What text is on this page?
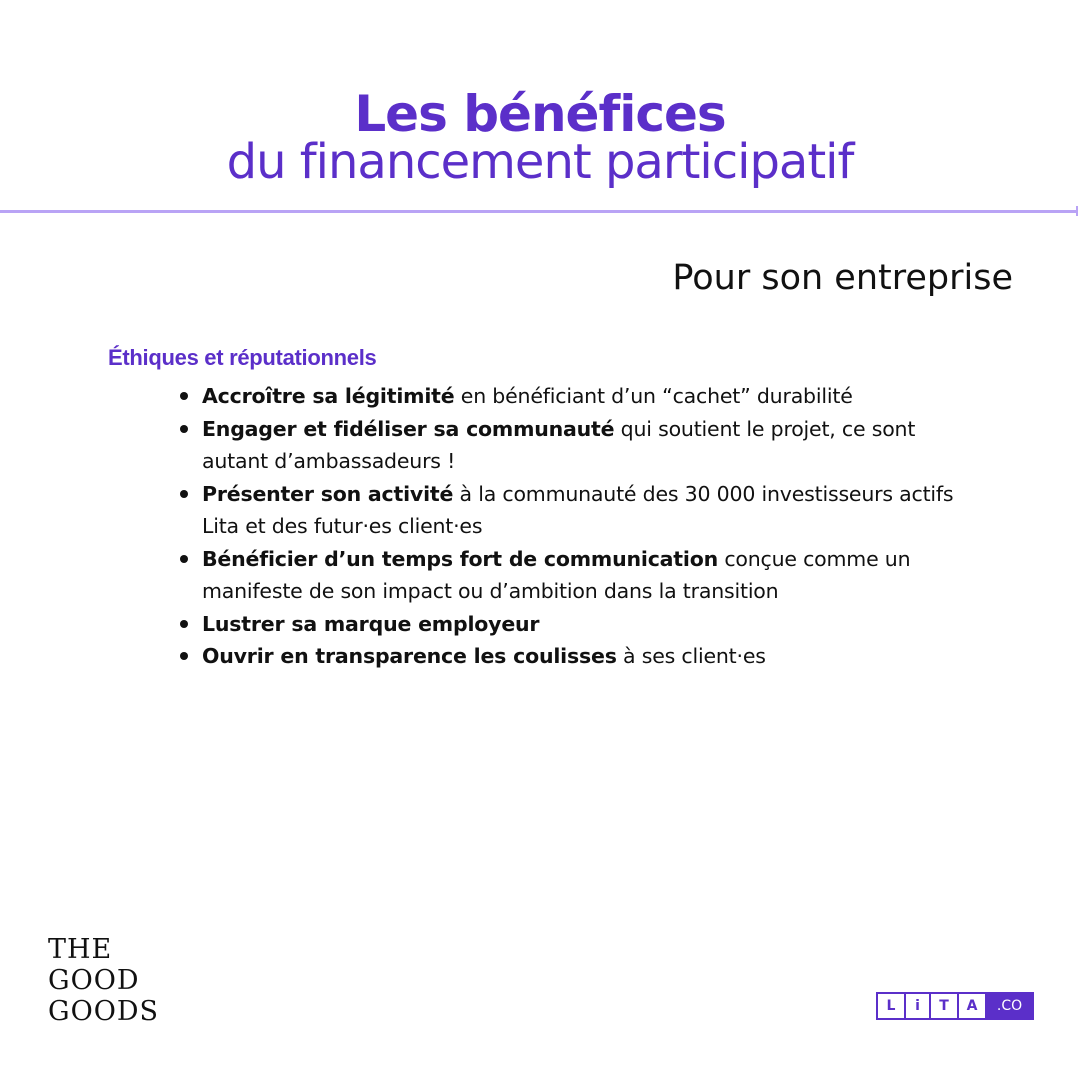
Les bénéfices
du financement participatif
Pour son entreprise
Éthiques et réputationnels
Accroître sa légitimité en bénéficiant d’un “cachet” durabilité
Engager et fidéliser sa communauté qui soutient le projet, ce sont autant d’ambassadeurs !
Présenter son activité à la communauté des 30 000 investisseurs actifs Lita et des futur·es client·es
Bénéficier d’un temps fort de communication conçue comme un manifeste de son impact ou d’ambition dans la transition
Lustrer sa marque employeur
Ouvrir en transparence les coulisses à ses client·es
THE
GOOD
GOODS	L	i	T	A	.CO
